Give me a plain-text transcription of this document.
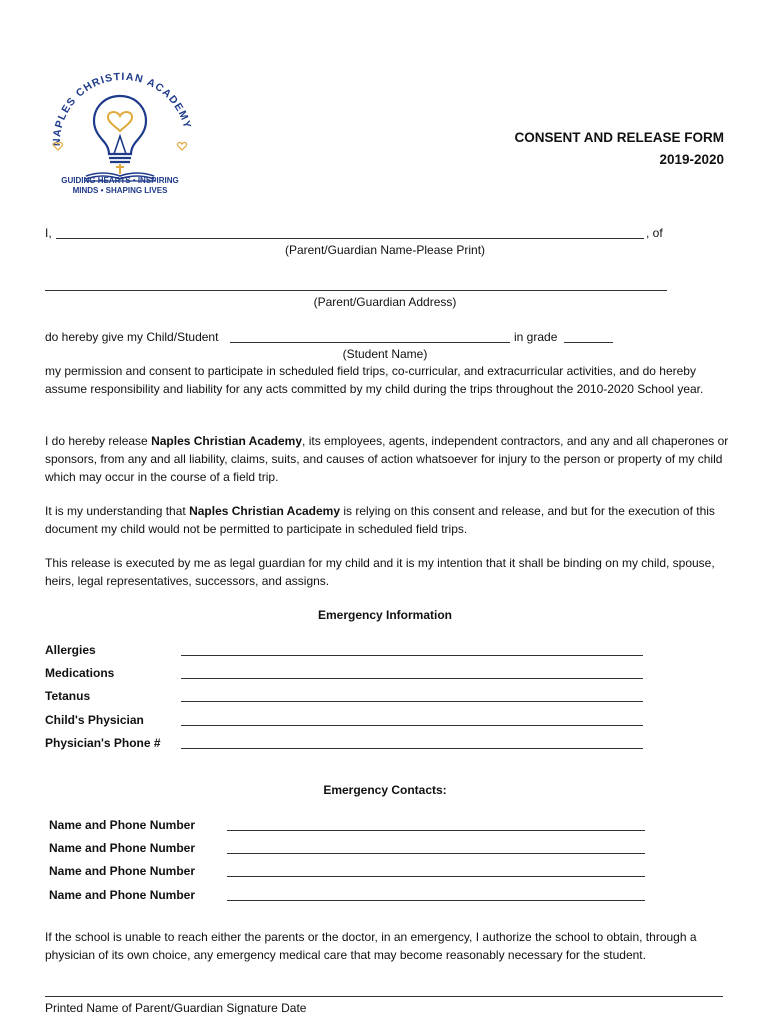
NAPLES CHRISTIAN ACADEMY
GUIDING HEARTS • INSPIRING
MINDS • SHAPING LIVES
CONSENT AND RELEASE FORM
2019-2020
I,	, of
(Parent/Guardian Name-Please Print)
(Parent/Guardian Address)
do hereby give my Child/Student	in grade
(Student Name)
my permission and consent to participate in scheduled field trips, co-curricular, and extracurricular activities, and do hereby assume responsibility and liability for any acts committed by my child during the trips throughout the 2010-2020 School year.
I do hereby release Naples Christian Academy, its employees, agents, independent contractors, and any and all chaperones or sponsors, from any and all liability, claims, suits, and causes of action whatsoever for injury to the person or property of my child which may occur in the course of a field trip.
It is my understanding that Naples Christian Academy is relying on this consent and release, and but for the execution of this document my child would not be permitted to participate in scheduled field trips.
This release is executed by me as legal guardian for my child and it is my intention that it shall be binding on my child, spouse, heirs, legal representatives, successors, and assigns.
Emergency Information
Allergies
Medications
Tetanus
Child's Physician
Physician's Phone #
Emergency Contacts:
Name and Phone Number
Name and Phone Number
Name and Phone Number
Name and Phone Number
If the school is unable to reach either the parents or the doctor, in an emergency, I authorize the school to obtain, through a physician of its own choice, any emergency medical care that may become reasonably necessary for the student.
Printed Name of Parent/Guardian Signature Date
